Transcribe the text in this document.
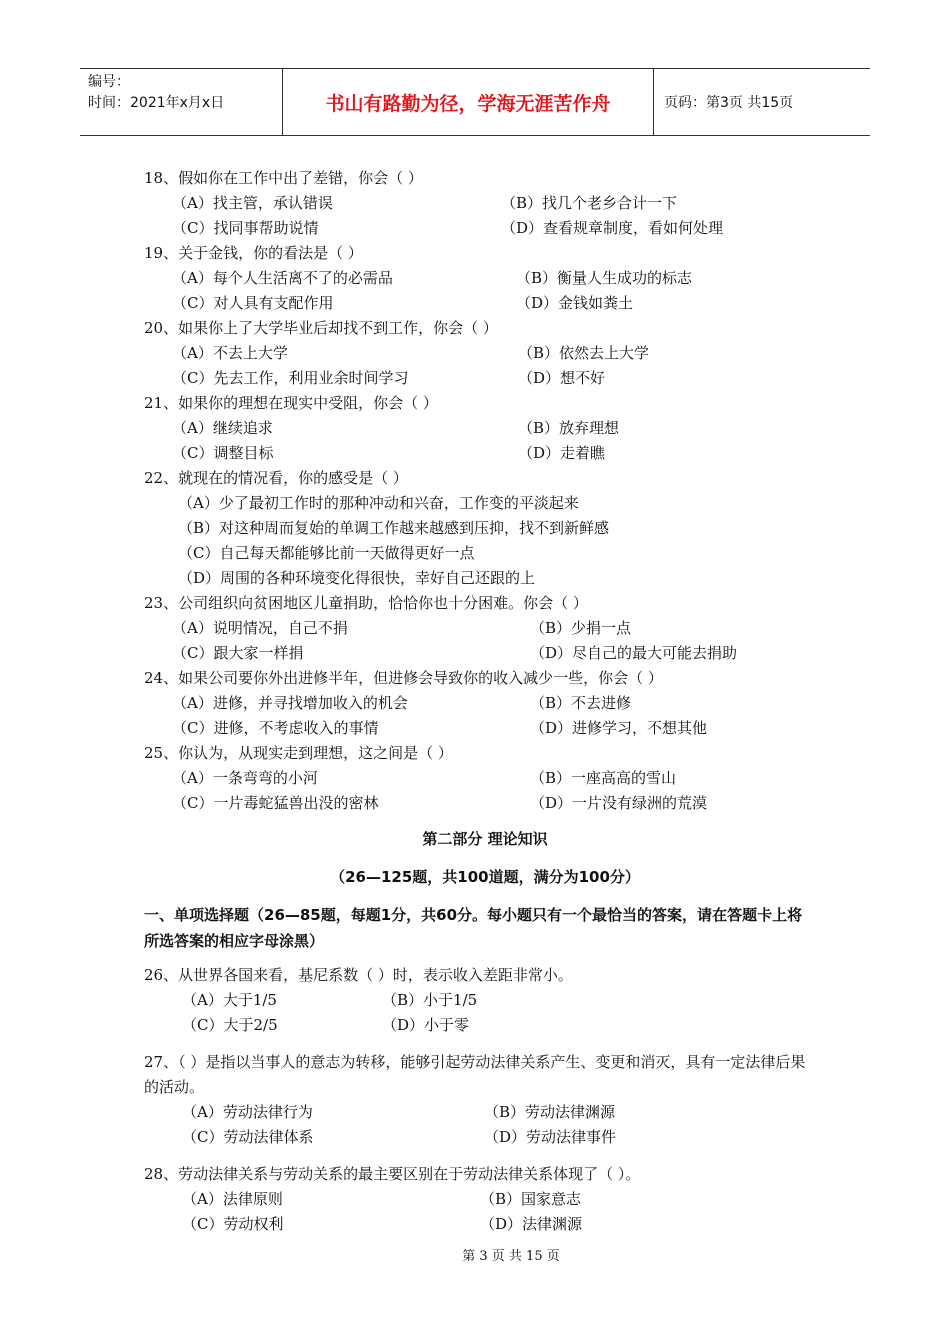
编号：
时间：2021年x月x日	书山有路勤为径，学海无涯苦作舟	页码：第3页 共15页
18、假如你在工作中出了差错，你会（ ）
（A）找主管，承认错误	（B）找几个老乡合计一下
（C）找同事帮助说情	（D）查看规章制度，看如何处理
19、关于金钱，你的看法是（ ）
（A）每个人生活离不了的必需品	（B）衡量人生成功的标志
（C）对人具有支配作用	（D）金钱如粪土
20、如果你上了大学毕业后却找不到工作，你会（ ）
（A）不去上大学	（B）依然去上大学
（C）先去工作，利用业余时间学习	（D）想不好
21、如果你的理想在现实中受阻，你会（ ）
（A）继续追求	（B）放弃理想
（C）调整目标	（D）走着瞧
22、就现在的情况看，你的感受是（ ）
（A）少了最初工作时的那种冲动和兴奋，工作变的平淡起来
（B）对这种周而复始的单调工作越来越感到压抑，找不到新鲜感
（C）自己每天都能够比前一天做得更好一点
（D）周围的各种环境变化得很快，幸好自己还跟的上
23、公司组织向贫困地区儿童捐助，恰恰你也十分困难。你会（ ）
（A）说明情况，自己不捐	（B）少捐一点
（C）跟大家一样捐	（D）尽自己的最大可能去捐助
24、如果公司要你外出进修半年，但进修会导致你的收入减少一些，你会（ ）
（A）进修，并寻找增加收入的机会	（B）不去进修
（C）进修，不考虑收入的事情	（D）进修学习，不想其他
25、你认为，从现实走到理想，这之间是（ ）
（A）一条弯弯的小河	（B）一座高高的雪山
（C）一片毒蛇猛兽出没的密林	（D）一片没有绿洲的荒漠
第二部分 理论知识
（26—125题，共100道题，满分为100分）
一、单项选择题（26—85题，每题1分，共60分。每小题只有一个最恰当的答案，请在答题卡上将所选答案的相应字母涂黑）
26、从世界各国来看，基尼系数（ ）时，表示收入差距非常小。
（A）大于1/5	（B）小于1/5
（C）大于2/5	（D）小于零
27、（ ）是指以当事人的意志为转移，能够引起劳动法律关系产生、变更和消灭，具有一定法律后果的活动。
（A）劳动法律行为	（B）劳动法律渊源
（C）劳动法律体系	（D）劳动法律事件
28、劳动法律关系与劳动关系的最主要区别在于劳动法律关系体现了（ ）。
（A）法律原则	（B）国家意志
（C）劳动权利	（D）法律渊源
第 3 页 共 15 页
